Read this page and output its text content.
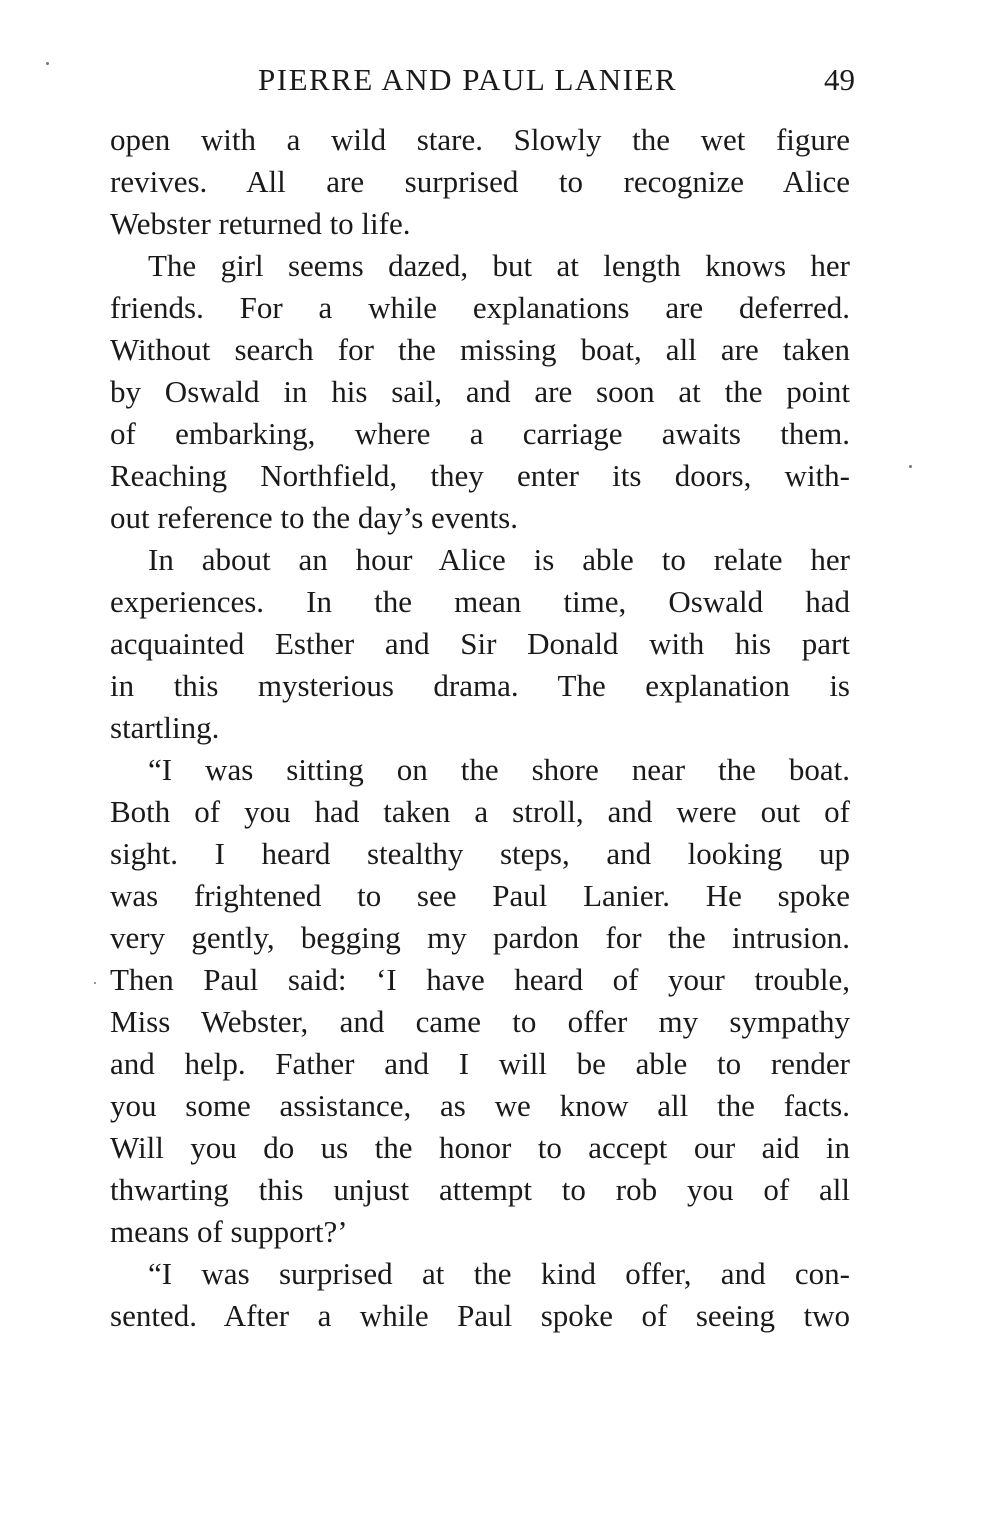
PIERRE AND PAUL LANIER	49
open with a wild stare. Slowly the wet figure
revives. All are surprised to recognize Alice
Webster returned to life.
The girl seems dazed, but at length knows her
friends. For a while explanations are deferred.
Without search for the missing boat, all are taken
by Oswald in his sail, and are soon at the point
of embarking, where a carriage awaits them.
Reaching Northfield, they enter its doors, with-
out reference to the day’s events.
In about an hour Alice is able to relate her
experiences. In the mean time, Oswald had
acquainted Esther and Sir Donald with his part
in this mysterious drama. The explanation is
startling.
“I was sitting on the shore near the boat.
Both of you had taken a stroll, and were out of
sight. I heard stealthy steps, and looking up
was frightened to see Paul Lanier. He spoke
very gently, begging my pardon for the intrusion.
Then Paul said: ‘I have heard of your trouble,
Miss Webster, and came to offer my sympathy
and help. Father and I will be able to render
you some assistance, as we know all the facts.
Will you do us the honor to accept our aid in
thwarting this unjust attempt to rob you of all
means of support?’
“I was surprised at the kind offer, and con-
sented. After a while Paul spoke of seeing two
